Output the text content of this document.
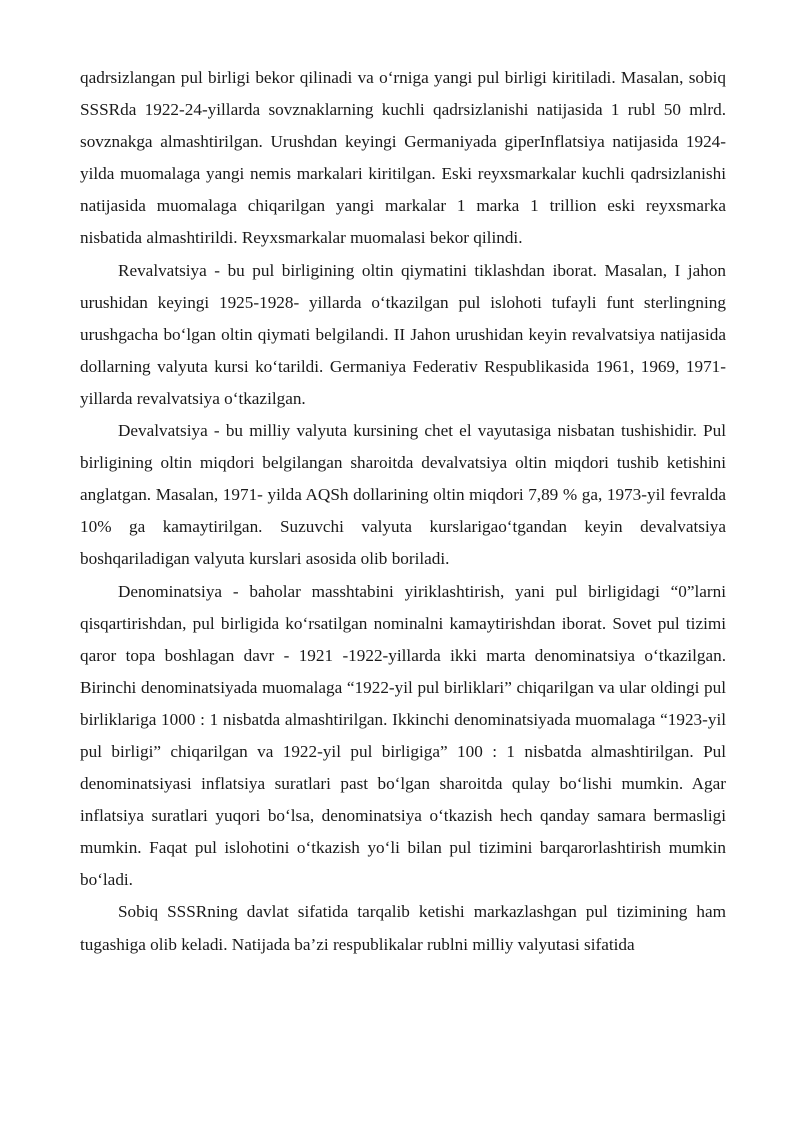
qadrsizlangan pul birligi bekor qilinadi va o‘rniga yangi pul birligi kiritiladi. Masalan, sobiq SSSRda 1922-24-yillarda sovznaklarning kuchli qadrsizlanishi natijasida 1 rubl 50 mlrd. sovznakga almashtirilgan. Urushdan keyingi Germaniyada giperInflatsiya natijasida 1924-yilda muomalaga yangi nemis markalari kiritilgan. Eski reyxsmarkalar kuchli qadrsizlanishi natijasida muomalaga chiqarilgan yangi markalar 1 marka 1 trillion eski reyxsmarka nisbatida almashtirildi. Reyxsmarkalar muomalasi bekor qilindi.

Revalvatsiya - bu pul birligining oltin qiymatini tiklashdan iborat. Masalan, I jahon urushidan keyingi 1925-1928- yillarda o‘tkazilgan pul islohoti tufayli funt sterlingning urushgacha bo‘lgan oltin qiymati belgilandi. II Jahon urushidan keyin revalvatsiya natijasida dollarning valyuta kursi ko‘tarildi. Germaniya Federativ Respublikasida 1961, 1969, 1971-yillarda revalvatsiya o‘tkazilgan.

Devalvatsiya - bu milliy valyuta kursining chet el vayutasiga nisbatan tushishidir. Pul birligining oltin miqdori belgilangan sharoitda devalvatsiya oltin miqdori tushib ketishini anglatgan. Masalan, 1971- yilda AQSh dollarining oltin miqdori 7,89 % ga, 1973-yil fevralda 10% ga kamaytirilgan. Suzuvchi valyuta kurslarigao‘tgandan keyin devalvatsiya boshqariladigan valyuta kurslari asosida olib boriladi.

Denominatsiya - baholar masshtabini yiriklashtirish, yani pul birligidagi “0”larni qisqartirishdan, pul birligida ko‘rsatilgan nominalni kamaytirishdan iborat. Sovet pul tizimi qaror topa boshlagan davr - 1921 -1922-yillarda ikki marta denominatsiya o‘tkazilgan. Birinchi denominatsiyada muomalaga “1922-yil pul birliklari” chiqarilgan va ular oldingi pul birliklariga 1000 : 1 nisbatda almashtirilgan. Ikkinchi denominatsiyada muomalaga “1923-yil pul birligi” chiqarilgan va 1922-yil pul birligiga” 100 : 1 nisbatda almashtirilgan. Pul denominatsiyasi inflatsiya suratlari past bo‘lgan sharoitda qulay bo‘lishi mumkin. Agar inflatsiya suratlari yuqori bo‘lsa, denominatsiya o‘tkazish hech qanday samara bermasligi mumkin. Faqat pul islohotini o‘tkazish yo‘li bilan pul tizimini barqarorlashtirish mumkin bo‘ladi.

Sobiq SSSRning davlat sifatida tarqalib ketishi markazlashgan pul tizimining ham tugashiga olib keladi. Natijada ba’zi respublikalar rublni milliy valyutasi sifatida
